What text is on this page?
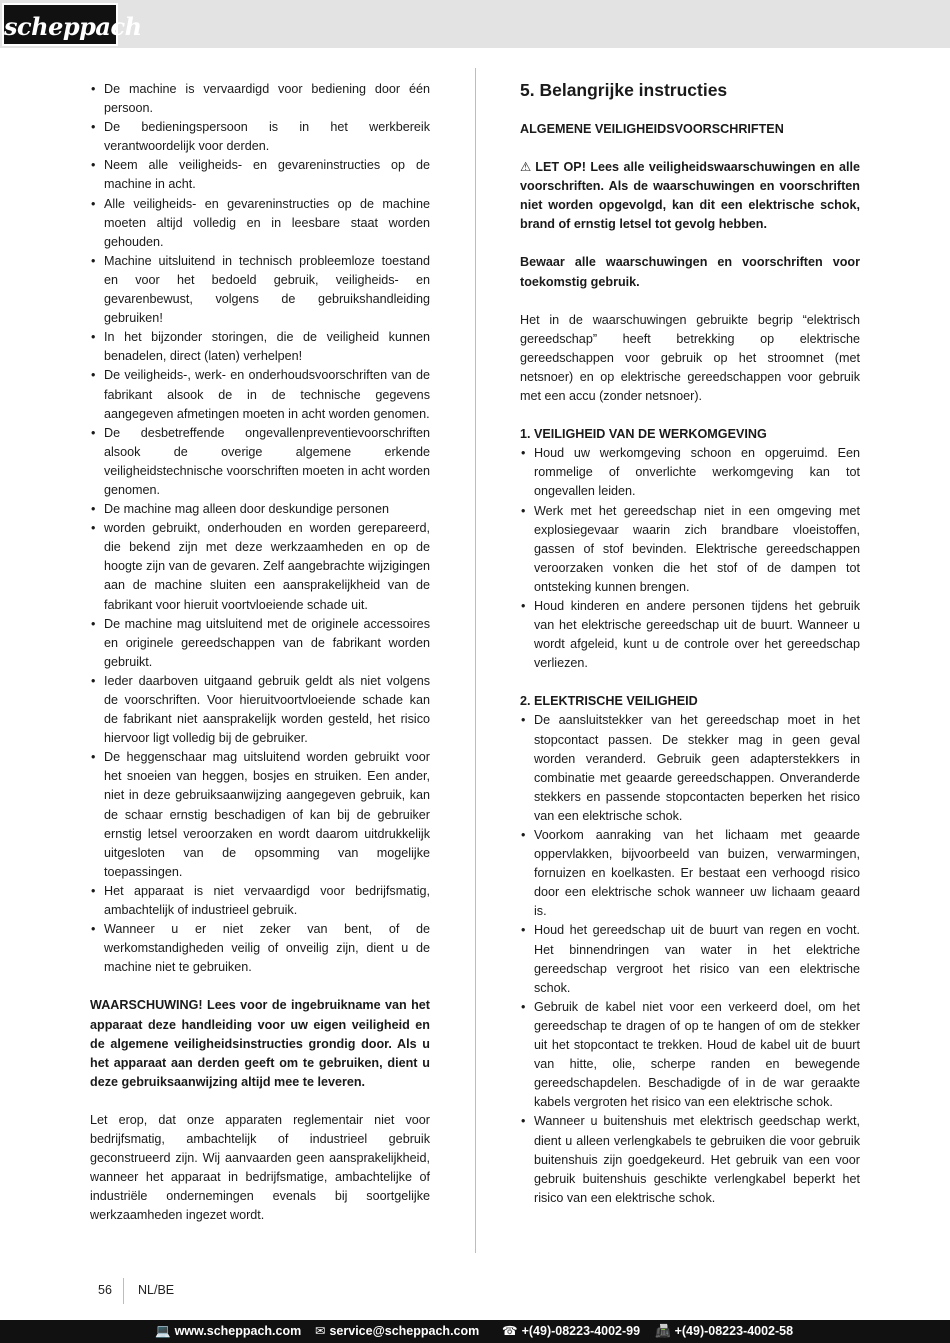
scheppach
• De machine is vervaardigd voor bediening door één persoon.
• De bedieningspersoon is in het werkbereik verantwoordelijk voor derden.
• Neem alle veiligheids- en gevareninstructies op de machine in acht.
• Alle veiligheids- en gevareninstructies op de machine moeten altijd volledig en in leesbare staat worden gehouden.
• Machine uitsluitend in technisch probleemloze toestand en voor het bedoeld gebruik, veiligheids- en gevarenbewust, volgens de gebruikshandleiding gebruiken!
• In het bijzonder storingen, die de veiligheid kunnen benadelen, direct (laten) verhelpen!
• De veiligheids-, werk- en onderhoudsvoorschriften van de fabrikant alsook de in de technische gegevens aangegeven afmetingen moeten in acht worden genomen.
• De desbetreffende ongevallenpreventievoorschriften alsook de overige algemene erkende veiligheidstechnische voorschriften moeten in acht worden genomen.
• De machine mag alleen door deskundige personen
• worden gebruikt, onderhouden en worden gerepareerd, die bekend zijn met deze werkzaamheden en op de hoogte zijn van de gevaren. Zelf aangebrachte wijzigingen aan de machine sluiten een aansprakelijkheid van de fabrikant voor hieruit voortvloeiende schade uit.
• De machine mag uitsluitend met de originele accessoires en originele gereedschappen van de fabrikant worden gebruikt.
• Ieder daarboven uitgaand gebruik geldt als niet volgens de voorschriften. Voor hieruitvoortvloeiende schade kan de fabrikant niet aansprakelijk worden gesteld, het risico hiervoor ligt volledig bij de gebruiker.
• De heggenschaar mag uitsluitend worden gebruikt voor het snoeien van heggen, bosjes en struiken. Een ander, niet in deze gebruiksaanwijzing aangegeven gebruik, kan de schaar ernstig beschadigen of kan bij de gebruiker ernstig letsel veroorzaken en wordt daarom uitdrukkelijk uitgesloten van de opsomming van mogelijke toepassingen.
• Het apparaat is niet vervaardigd voor bedrijfsmatig, ambachtelijk of industrieel gebruik.
• Wanneer u er niet zeker van bent, of de werkomstandigheden veilig of onveilig zijn, dient u de machine niet te gebruiken.

WAARSCHUWING! Lees voor de ingebruikname van het apparaat deze handleiding voor uw eigen veiligheid en de algemene veiligheidsinstructies grondig door. Als u het apparaat aan derden geeft om te gebruiken, dient u deze gebruiksaanwijzing altijd mee te leveren.

Let erop, dat onze apparaten reglementair niet voor bedrijfsmatig, ambachtelijk of industrieel gebruik geconstrueerd zijn. Wij aanvaarden geen aansprakelijkheid, wanneer het apparaat in bedrijfsmatige, ambachtelijke of industriële ondernemingen evenals bij soortgelijke werkzaamheden ingezet wordt.

5. Belangrijke instructies

ALGEMENE VEILIGHEIDSVOORSCHRIFTEN

⚠ LET OP! Lees alle veiligheidswaarschuwingen en alle voorschriften. Als de waarschuwingen en voorschriften niet worden opgevolgd, kan dit een elektrische schok, brand of ernstig letsel tot gevolg hebben.

Bewaar alle waarschuwingen en voorschriften voor toekomstig gebruik.

Het in de waarschuwingen gebruikte begrip “elektrisch gereedschap” heeft betrekking op elektrische gereedschappen voor gebruik op het stroomnet (met netsnoer) en op elektrische gereedschappen voor gebruik met een accu (zonder netsnoer).

1. VEILIGHEID VAN DE WERKOMGEVING

• Houd uw werkomgeving schoon en opgeruimd. Een rommelige of onverlichte werkomgeving kan tot ongevallen leiden.
• Werk met het gereedschap niet in een omgeving met explosiegevaar waarin zich brandbare vloeistoffen, gassen of stof bevinden. Elektrische gereedschappen veroorzaken vonken die het stof of de dampen tot ontsteking kunnen brengen.
• Houd kinderen en andere personen tijdens het gebruik van het elektrische gereedschap uit de buurt. Wanneer u wordt afgeleid, kunt u de controle over het gereedschap verliezen.

2. ELEKTRISCHE VEILIGHEID

• De aansluitstekker van het gereedschap moet in het stopcontact passen. De stekker mag in geen geval worden veranderd. Gebruik geen adapterstekkers in combinatie met geaarde gereedschappen. Onveranderde stekkers en passende stopcontacten beperken het risico van een elektrische schok.
• Voorkom aanraking van het lichaam met geaarde oppervlakken, bijvoorbeeld van buizen, verwarmingen, fornuizen en koelkasten. Er bestaat een verhoogd risico door een elektrische schok wanneer uw lichaam geaard is.
• Houd het gereedschap uit de buurt van regen en vocht. Het binnendringen van water in het elektriche gereedschap vergroot het risico van een elektrische schok.
• Gebruik de kabel niet voor een verkeerd doel, om het gereedschap te dragen of op te hangen of om de stekker uit het stopcontact te trekken. Houd de kabel uit de buurt van hitte, olie, scherpe randen en bewegende gereedschapdelen. Beschadigde of in de war geraakte kabels vergroten het risico van een elektrische schok.
• Wanneer u buitenshuis met elektrisch geedschap werkt, dient u alleen verlengkabels te gebruiken die voor gebruik buitenshuis zijn goedgekeurd. Het gebruik van een voor gebruik buitenshuis geschikte verlengkabel beperkt het risico van een elektrische schok.
56 NL/BE
💻 www.scheppach.com ✉ service@scheppach.com ☎ +(49)-08223-4002-99 📠 +(49)-08223-4002-58
